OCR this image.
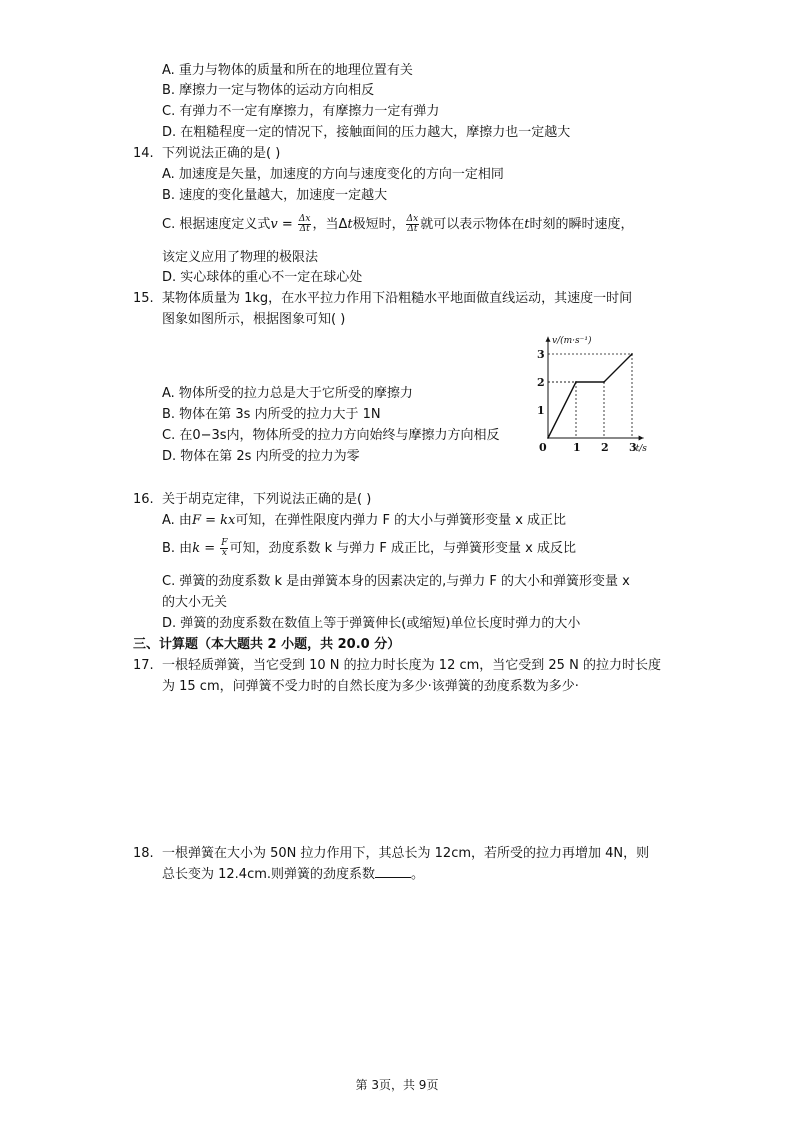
A. 重力与物体的质量和所在的地理位置有关
B. 摩擦力一定与物体的运动方向相反
C. 有弹力不一定有摩擦力，有摩擦力一定有弹力
D. 在粗糙程度一定的情况下，接触面间的压力越大，摩擦力也一定越大
14. 下列说法正确的是( )
A. 加速度是矢量，加速度的方向与速度变化的方向一定相同
B. 速度的变化量越大，加速度一定越大
C. 根据速度定义式$v = \frac{\Delta x}{\Delta t}$ ，当Δt极短时， $\frac{\Delta x}{\Delta t}$ 就可以表示物体在t时刻的瞬时速度，
该定义应用了物理的极限法
D. 实心球体的重心不一定在球心处
15. 某物体质量为 1kg，在水平拉力作用下沿粗糙水平地面做直线运动，其速度一时间
图象如图所示，根据图象可知( )
A. 物体所受的拉力总是大于它所受的摩擦力
B. 物体在第 3s 内所受的拉力大于 1N
C. 在0−3s内，物体所受的拉力方向始终与摩擦力方向相反
D. 物体在第 2s 内所受的拉力为零
0 1 2 3
1
2
3
v/(m·s⁻¹)
t/s
16. 关于胡克定律，下列说法正确的是( )
A. 由F = kx可知，在弹性限度内弹力 F 的大小与弹簧形变量 x 成正比
B. 由$k = \frac{F}{x}$ 可知，劲度系数 k 与弹力 F 成正比，与弹簧形变量 x 成反比
C. 弹簧的劲度系数 k 是由弹簧本身的因素决定的,与弹力 F 的大小和弹簧形变量 x
的大小无关
D. 弹簧的劲度系数在数值上等于弹簧伸长(或缩短)单位长度时弹力的大小
三、计算题（本大题共 2 小题，共 20.0 分）
17. 一根轻质弹簧，当它受到 10 N 的拉力时长度为 12 cm，当它受到 25 N 的拉力时长度
为 15 cm，问弹簧不受力时的自然长度为多少·该弹簧的劲度系数为多少·
18. 一根弹簧在大小为 50N 拉力作用下，其总长为 12cm，若所受的拉力再增加 4N，则
总长变为 12.4cm.则弹簧的劲度系数	。
第 3页，共 9页
